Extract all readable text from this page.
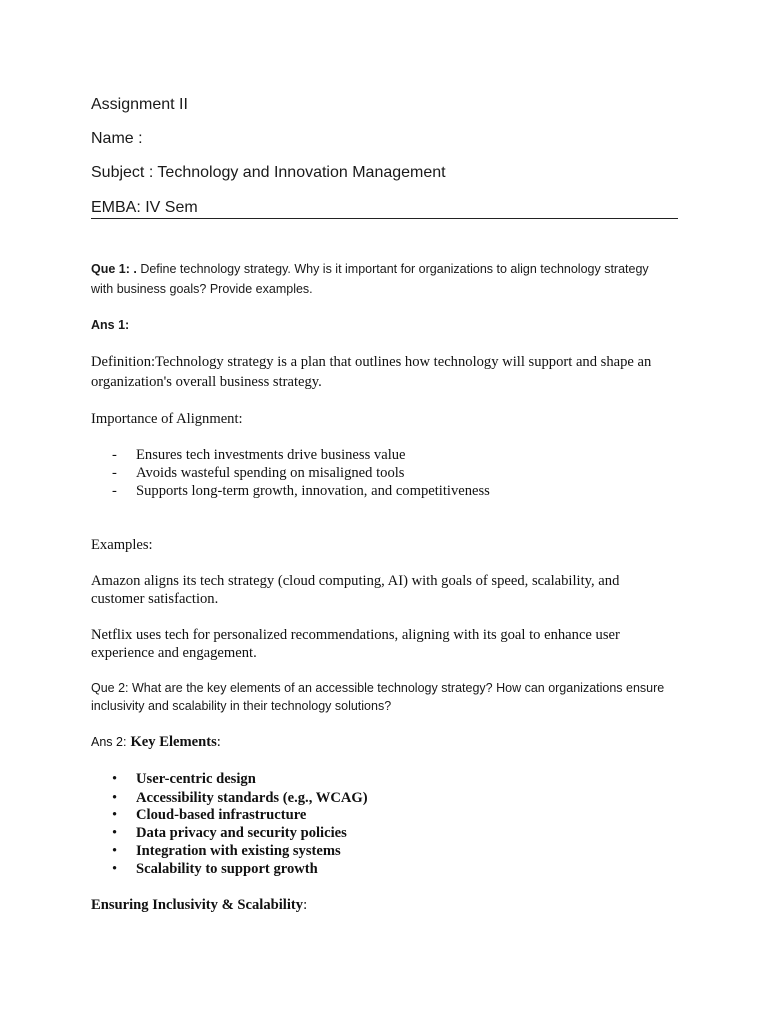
Assignment II
Name :
Subject : Technology and Innovation Management
EMBA: IV Sem
Que 1: . Define technology strategy. Why is it important for organizations to align technology strategy
with business goals? Provide examples.
Ans 1:
Definition:Technology strategy is a plan that outlines how technology will support and shape an
organization's overall business strategy.
Importance of Alignment:
- Ensures tech investments drive business value
- Avoids wasteful spending on misaligned tools
- Supports long-term growth, innovation, and competitiveness
Examples:
Amazon aligns its tech strategy (cloud computing, AI) with goals of speed, scalability, and
customer satisfaction.
Netflix uses tech for personalized recommendations, aligning with its goal to enhance user
experience and engagement.
Que 2: What are the key elements of an accessible technology strategy? How can organizations ensure
inclusivity and scalability in their technology solutions?
Ans 2: Key Elements:
• User-centric design
• Accessibility standards (e.g., WCAG)
• Cloud-based infrastructure
• Data privacy and security policies
• Integration with existing systems
• Scalability to support growth
Ensuring Inclusivity & Scalability:
